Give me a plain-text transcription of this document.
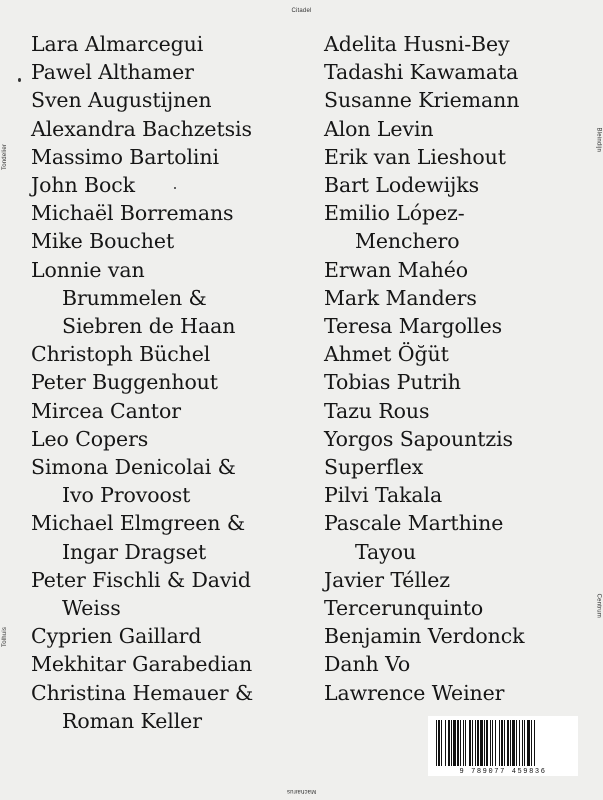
Citadel
Machairus
Tondelier
Tolhuis
Bleindijn
Centrum
Lara Almarcegui
Pawel Althamer
Sven Augustijnen
Alexandra Bachzetsis
Massimo Bartolini
John Bock
Michaël Borremans
Mike Bouchet
Lonnie van
Brummelen &
Siebren de Haan
Christoph Büchel
Peter Buggenhout
Mircea Cantor
Leo Copers
Simona Denicolai &
Ivo Provoost
Michael Elmgreen &
Ingar Dragset
Peter Fischli & David
Weiss
Cyprien Gaillard
Mekhitar Garabedian
Christina Hemauer &
Roman Keller
Adelita Husni-Bey
Tadashi Kawamata
Susanne Kriemann
Alon Levin
Erik van Lieshout
Bart Lodewijks
Emilio López-
Menchero
Erwan Mahéo
Mark Manders
Teresa Margolles
Ahmet Öğüt
Tobias Putrih
Tazu Rous
Yorgos Sapountzis
Superflex
Pilvi Takala
Pascale Marthine
Tayou
Javier Téllez
Tercerunquinto
Benjamin Verdonck
Danh Vo
Lawrence Weiner
9 789077 459836
